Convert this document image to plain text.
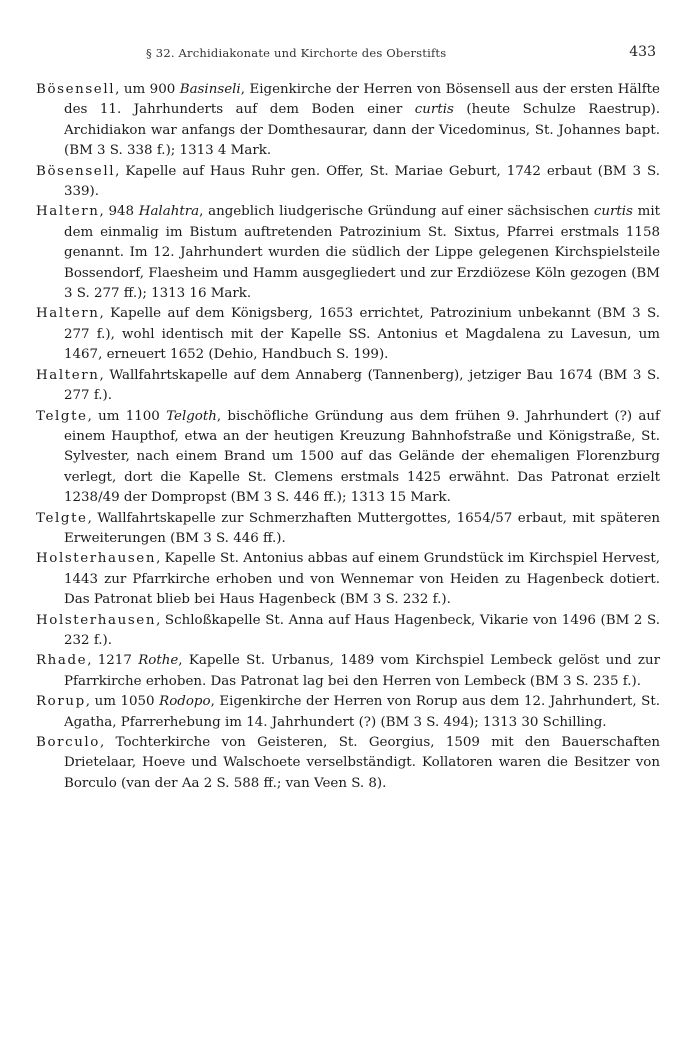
§ 32. Archidiakonate und Kirchorte des Oberstifts	433

Bösensell, um 900 Basinseli, Eigenkirche der Herren von Bösensell aus der ersten Hälfte des 11. Jahrhunderts auf dem Boden einer curtis (heute Schulze Raestrup). Archidiakon war anfangs der Domthesaurar, dann der Vicedominus, St. Johannes bapt. (BM 3 S. 338 f.); 1313 4 Mark.

Bösensell, Kapelle auf Haus Ruhr gen. Offer, St. Mariae Geburt, 1742 erbaut (BM 3 S. 339).

Haltern, 948 Halahtra, angeblich liudgerische Gründung auf einer sächsischen curtis mit dem einmalig im Bistum auftretenden Patrozinium St. Sixtus, Pfarrei erstmals 1158 genannt. Im 12. Jahrhundert wurden die südlich der Lippe gelegenen Kirchspielsteile Bossendorf, Flaesheim und Hamm ausgegliedert und zur Erzdiözese Köln gezogen (BM 3 S. 277 ff.); 1313 16 Mark.

Haltern, Kapelle auf dem Königsberg, 1653 errichtet, Patrozinium unbekannt (BM 3 S. 277 f.), wohl identisch mit der Kapelle SS. Antonius et Magdalena zu Lavesun, um 1467, erneuert 1652 (Dehio, Handbuch S. 199).

Haltern, Wallfahrtskapelle auf dem Annaberg (Tannenberg), jetziger Bau 1674 (BM 3 S. 277 f.).

Telgte, um 1100 Telgoth, bischöfliche Gründung aus dem frühen 9. Jahrhundert (?) auf einem Haupthof, etwa an der heutigen Kreuzung Bahnhofstraße und Königstraße, St. Sylvester, nach einem Brand um 1500 auf das Gelände der ehemaligen Florenzburg verlegt, dort die Kapelle St. Clemens erstmals 1425 erwähnt. Das Patronat erzielt 1238/49 der Dompropst (BM 3 S. 446 ff.); 1313 15 Mark.

Telgte, Wallfahrtskapelle zur Schmerzhaften Muttergottes, 1654/57 erbaut, mit späteren Erweiterungen (BM 3 S. 446 ff.).

Holsterhausen, Kapelle St. Antonius abbas auf einem Grundstück im Kirchspiel Hervest, 1443 zur Pfarrkirche erhoben und von Wennemar von Heiden zu Hagenbeck dotiert. Das Patronat blieb bei Haus Hagenbeck (BM 3 S. 232 f.).

Holsterhausen, Schloßkapelle St. Anna auf Haus Hagenbeck, Vikarie von 1496 (BM 2 S. 232 f.).

Rhade, 1217 Rothe, Kapelle St. Urbanus, 1489 vom Kirchspiel Lembeck gelöst und zur Pfarrkirche erhoben. Das Patronat lag bei den Herren von Lembeck (BM 3 S. 235 f.).

Rorup, um 1050 Rodopo, Eigenkirche der Herren von Rorup aus dem 12. Jahrhundert, St. Agatha, Pfarrerhebung im 14. Jahrhundert (?) (BM 3 S. 494); 1313 30 Schilling.

Borculo, Tochterkirche von Geisteren, St. Georgius, 1509 mit den Bauerschaften Drietelaar, Hoeve und Walschoete verselbständigt. Kollatoren waren die Besitzer von Borculo (van der Aa 2 S. 588 ff.; van Veen S. 8).
